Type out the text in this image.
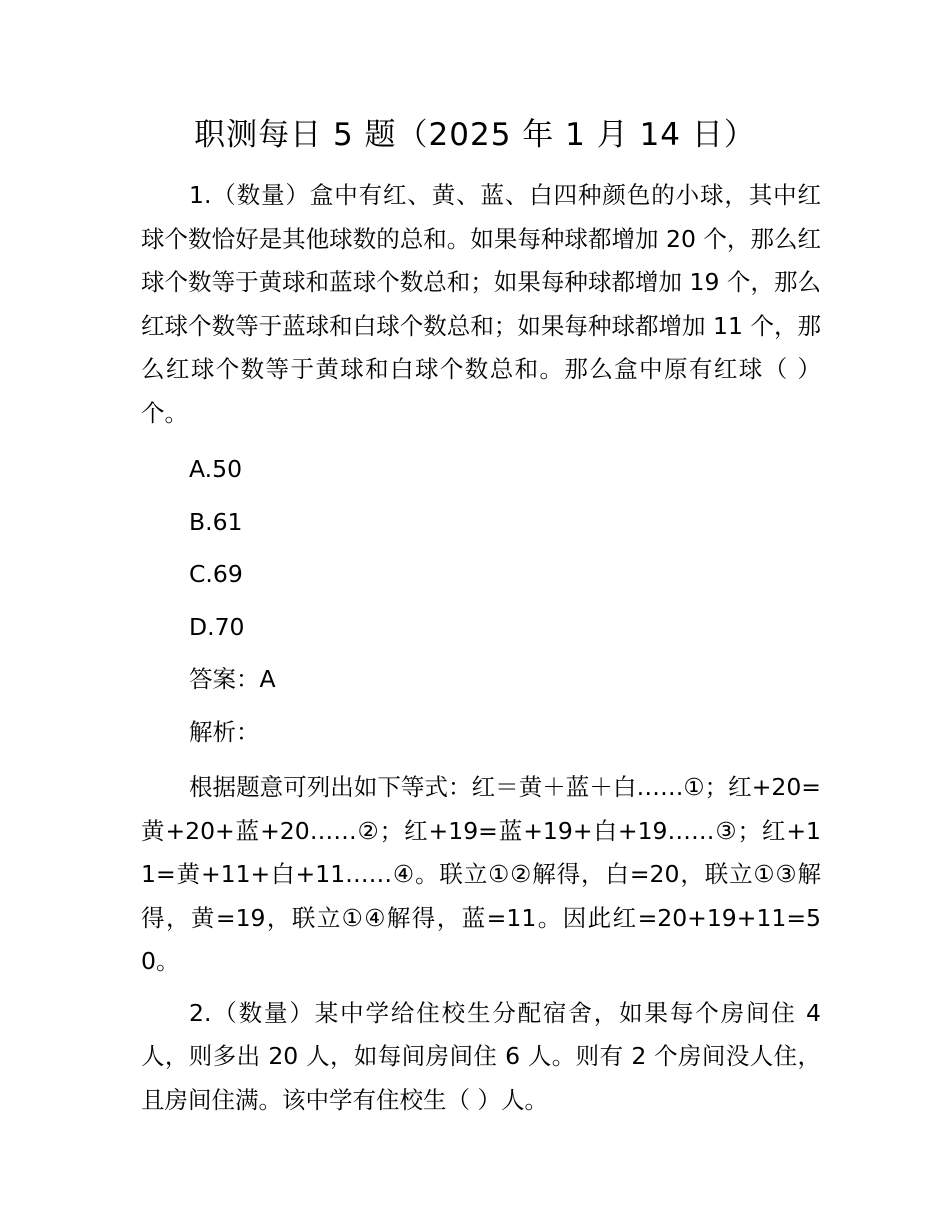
职测每日 5 题（2025 年 1 月 14 日）

1.（数量）盒中有红、黄、蓝、白四种颜色的小球，其中红球个数恰好是其他球数的总和。如果每种球都增加 20 个，那么红球个数等于黄球和蓝球个数总和；如果每种球都增加 19 个，那么红球个数等于蓝球和白球个数总和；如果每种球都增加 11 个，那么红球个数等于黄球和白球个数总和。那么盒中原有红球（ ）个。

A.50

B.61

C.69

D.70

答案：A

解析：

根据题意可列出如下等式：红＝黄＋蓝＋白……①；红+20=黄+20+蓝+20……②；红+19=蓝+19+白+19……③；红+11=黄+11+白+11……④。联立①②解得，白=20，联立①③解得，黄=19，联立①④解得，蓝=11。因此红=20+19+11=50。

2.（数量）某中学给住校生分配宿舍，如果每个房间住 4 人，则多出 20 人，如每间房间住 6 人。则有 2 个房间没人住，且房间住满。该中学有住校生（ ）人。
